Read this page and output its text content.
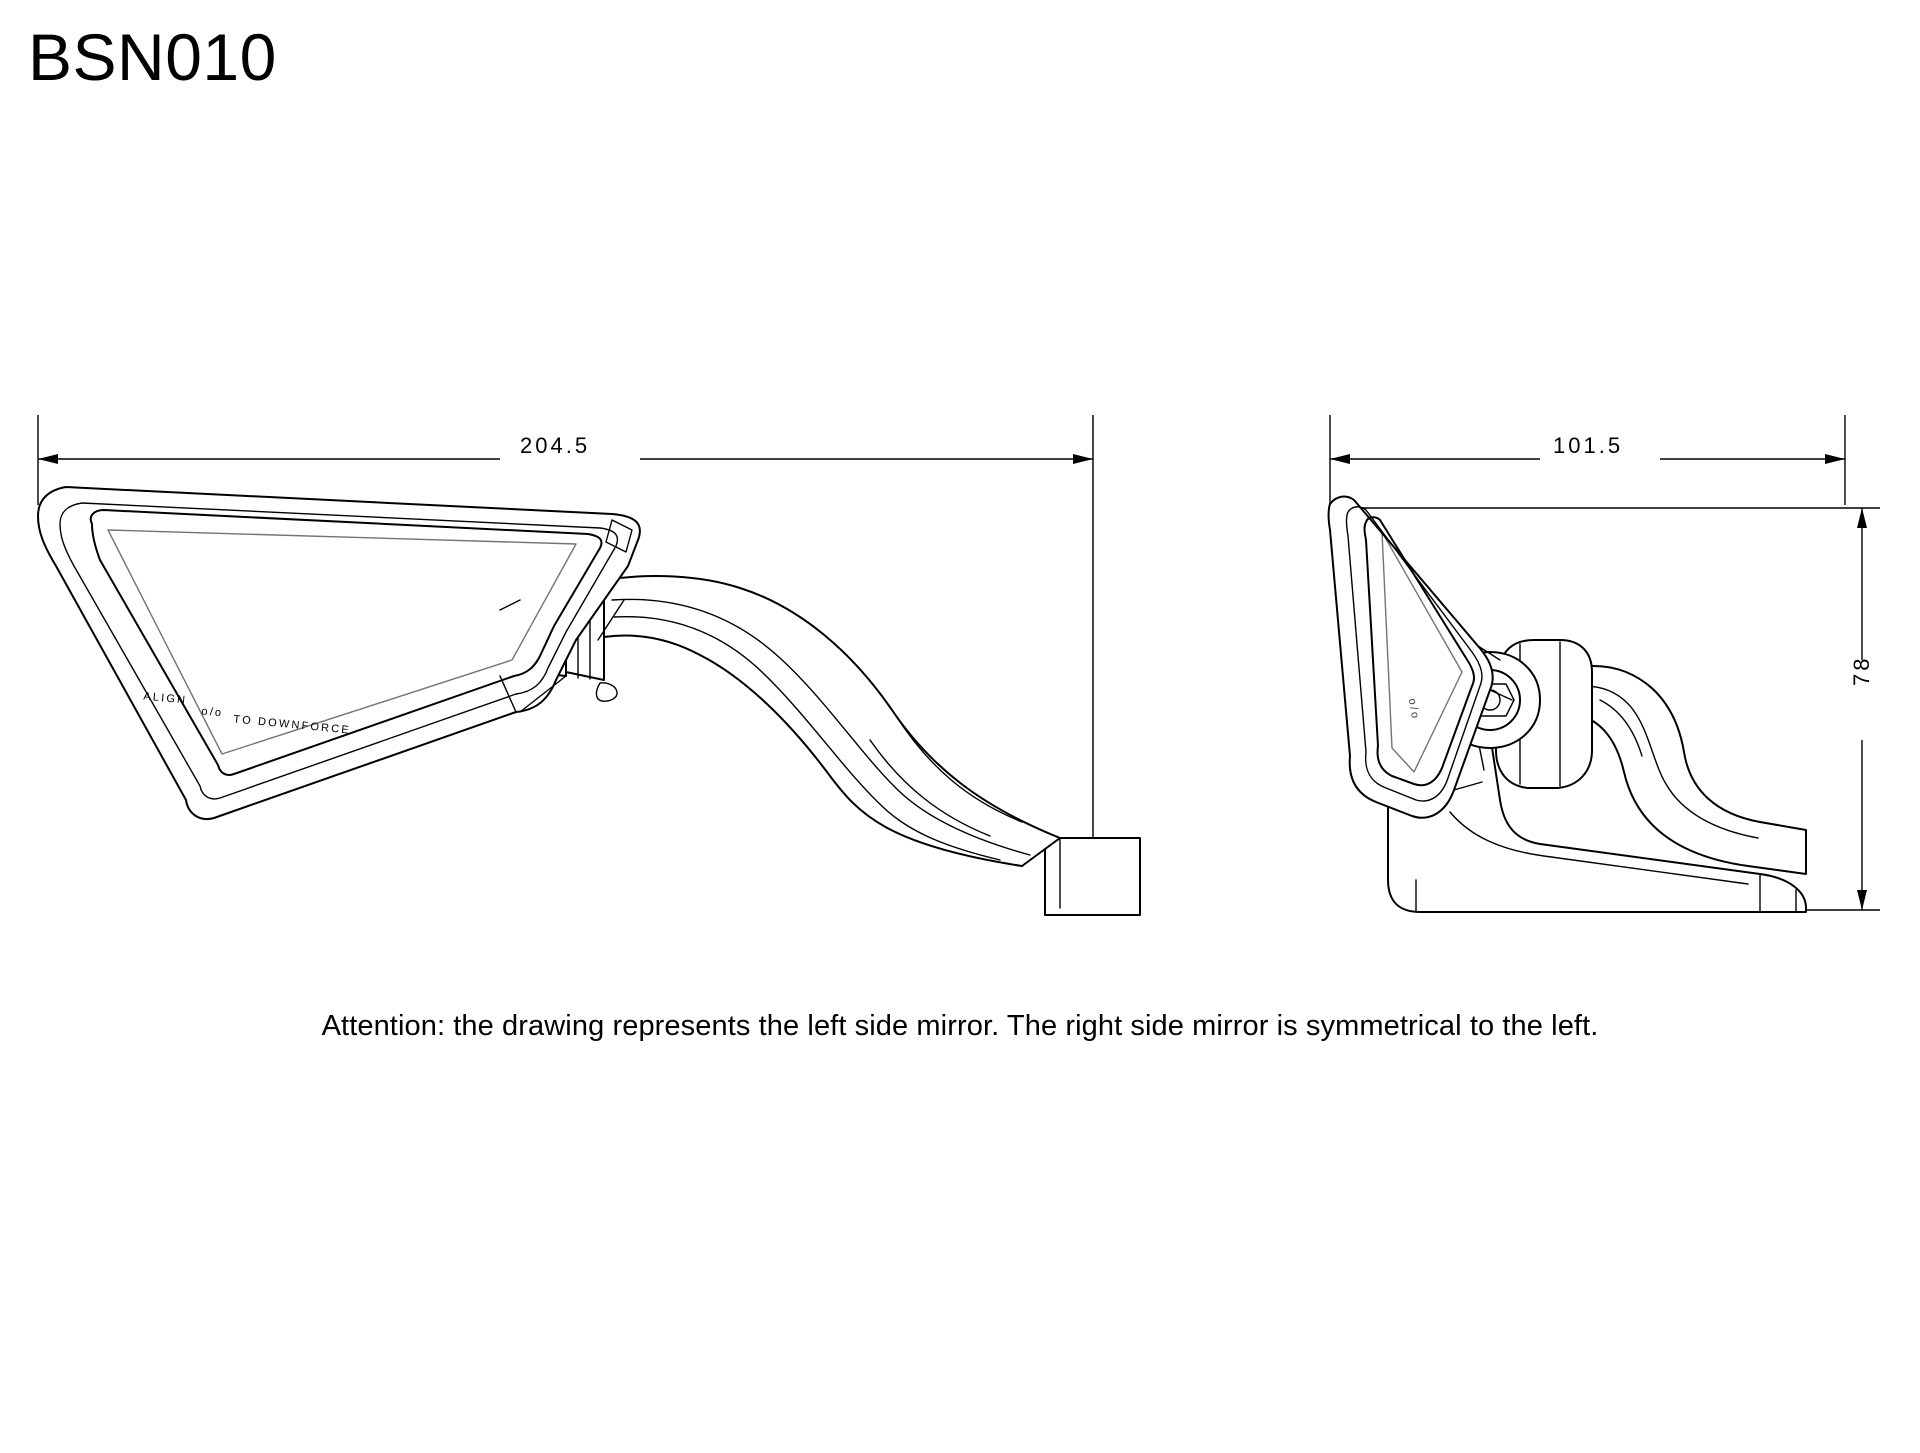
BSN010
ALIGN
o/o
TO DOWNFORCE
o/o
204.5	101.5
78
Attention: the drawing represents the left side mirror. The right side mirror is symmetrical to the left.
